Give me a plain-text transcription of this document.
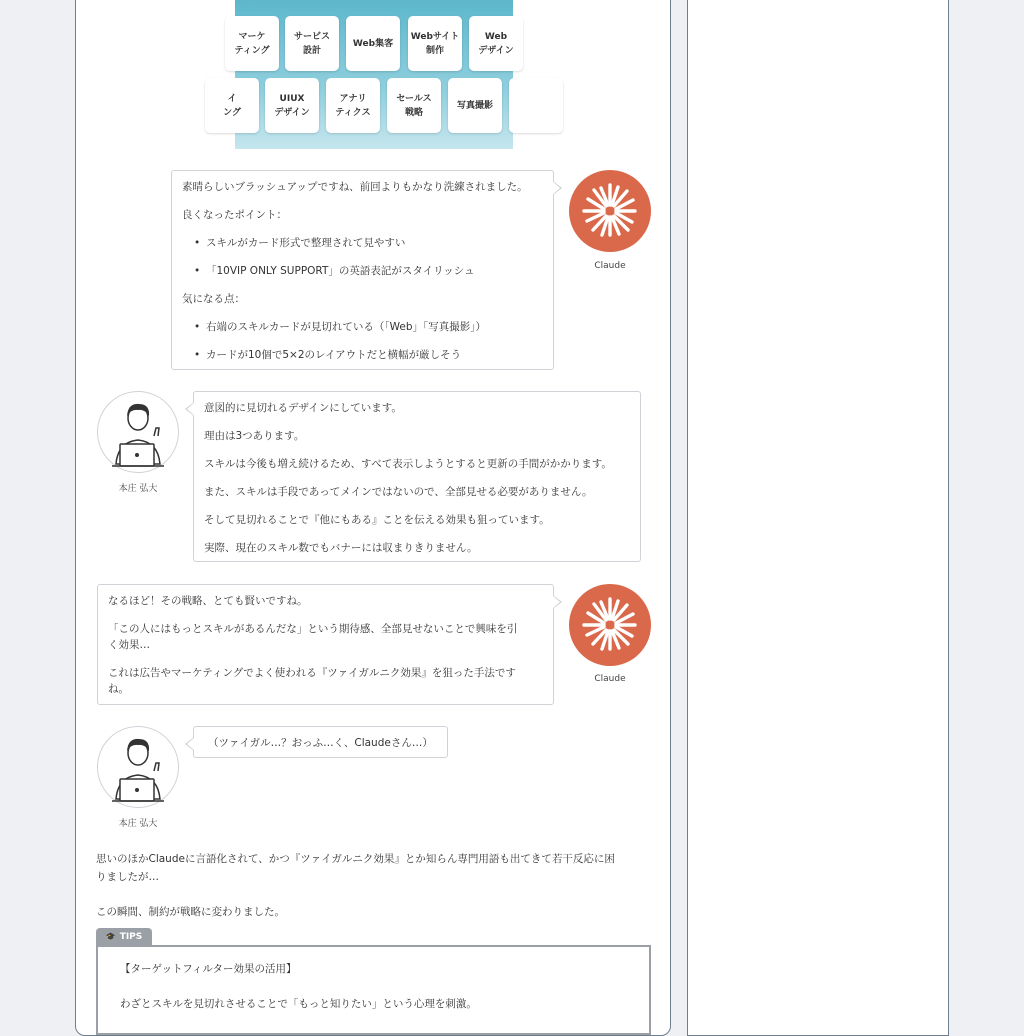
マーケ
ティング
サービス
設計
Web集客
Webサイト
制作
Web
デザイン
イ
ング
UIUX
デザイン
アナリ
ティクス
セールス
戦略
写真撮影
素晴らしいブラッシュアップですね、前回よりもかなり洗練されました。
良くなったポイント：
• スキルがカード形式で整理されて見やすい
• 「10VIP ONLY SUPPORT」の英語表記がスタイリッシュ
気になる点：
• 右端のスキルカードが見切れている（「Web」「写真撮影」）
• カードが10個で5×2のレイアウトだと横幅が厳しそう
Claude
本庄 弘大
意図的に見切れるデザインにしています。
理由は3つあります。
スキルは今後も増え続けるため、すべて表示しようとすると更新の手間がかかります。
また、スキルは手段であってメインではないので、全部見せる必要がありません。
そして見切れることで『他にもある』ことを伝える効果も狙っています。
実際、現在のスキル数でもバナーには収まりきりません。
なるほど！その戦略、とても賢いですね。
「この人にはもっとスキルがあるんだな」という期待感、全部見せないことで興味を引
く効果…
これは広告やマーケティングでよく使われる『ツァイガルニク効果』を狙った手法です
ね。
Claude
本庄 弘大
（ツァイガル…？おっふ…く、Claudeさん…）
思いのほかClaudeに言語化されて、かつ『ツァイガルニク効果』とか知らん専門用語も出てきて若干反応に困
りましたが…
この瞬間、制約が戦略に変わりました。
🎓 TIPS
【ターゲットフィルター効果の活用】
わざとスキルを見切れさせることで「もっと知りたい」という心理を刺激。
